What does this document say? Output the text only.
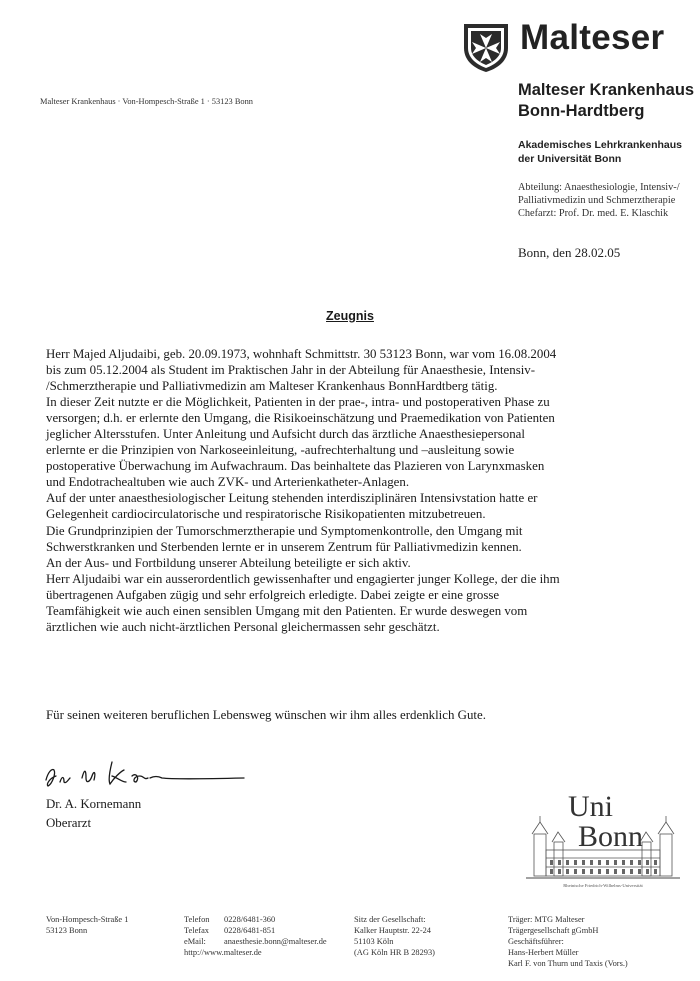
Malteser
Malteser Krankenhaus
Bonn-Hardtberg
Akademisches Lehrkrankenhaus
der Universität Bonn
Abteilung: Anaesthesiologie, Intensiv-/
Palliativmedizin und Schmerztherapie
Chefarzt: Prof. Dr. med. E. Klaschik
Malteser Krankenhaus · Von-Hompesch-Straße 1 · 53123 Bonn
Bonn, den 28.02.05
Zeugnis
Herr Majed Aljudaibi, geb. 20.09.1973, wohnhaft Schmittstr. 30 53123 Bonn, war vom 16.08.2004
bis zum 05.12.2004 als Student im Praktischen Jahr in der Abteilung für Anaesthesie, Intensiv-
/Schmerztherapie und Palliativmedizin am Malteser Krankenhaus BonnHardtberg tätig.
In dieser Zeit nutzte er die Möglichkeit, Patienten in der prae-, intra- und postoperativen Phase zu
versorgen; d.h. er erlernte den Umgang, die Risikoeinschätzung und Praemedikation von Patienten
jeglicher Altersstufen. Unter Anleitung und Aufsicht durch das ärztliche Anaesthesiepersonal
erlernte er die Prinzipien von Narkoseeinleitung, -aufrechterhaltung und –ausleitung sowie
postoperative Überwachung im Aufwachraum. Das beinhaltete das Plazieren von Larynxmasken
und Endotrachealtuben wie auch ZVK- und Arterienkatheter-Anlagen.
Auf der unter anaesthesiologischer Leitung stehenden interdisziplinären Intensivstation hatte er
Gelegenheit cardiocirculatorische und respiratorische Risikopatienten mitzubetreuen.
Die Grundprinzipien der Tumorschmerztherapie und Symptomenkontrolle, den Umgang mit
Schwerstkranken und Sterbenden lernte er in unserem Zentrum für Palliativmedizin kennen.
An der Aus- und Fortbildung unserer Abteilung beteiligte er sich aktiv.
Herr Aljudaibi war ein ausserordentlich gewissenhafter und engagierter junger Kollege, der die ihm
übertragenen Aufgaben zügig und sehr erfolgreich erledigte. Dabei zeigte er eine grosse
Teamfähigkeit wie auch einen sensiblen Umgang mit den Patienten. Er wurde deswegen vom
ärztlichen wie auch nicht-ärztlichen Personal gleichermassen sehr geschätzt.
Für seinen weiteren beruflichen Lebensweg wünschen wir ihm alles erdenklich Gute.
Dr. A. Kornemann
Oberarzt	Uni
Bonn
Rheinische Friedrich-Wilhelms-Universität
Von-Hompesch-Straße 1
53123 Bonn
Telefon 0228/6481-360
Telefax 0228/6481-851
eMail: anaesthesie.bonn@malteser.de
http://www.malteser.de
Sitz der Gesellschaft:
Kalker Hauptstr. 22-24
51103 Köln
(AG Köln HR B 28293)
Träger: MTG Malteser
Trägergesellschaft gGmbH
Geschäftsführer:
Hans-Herbert Müller
Karl F. von Thurn und Taxis (Vors.)
